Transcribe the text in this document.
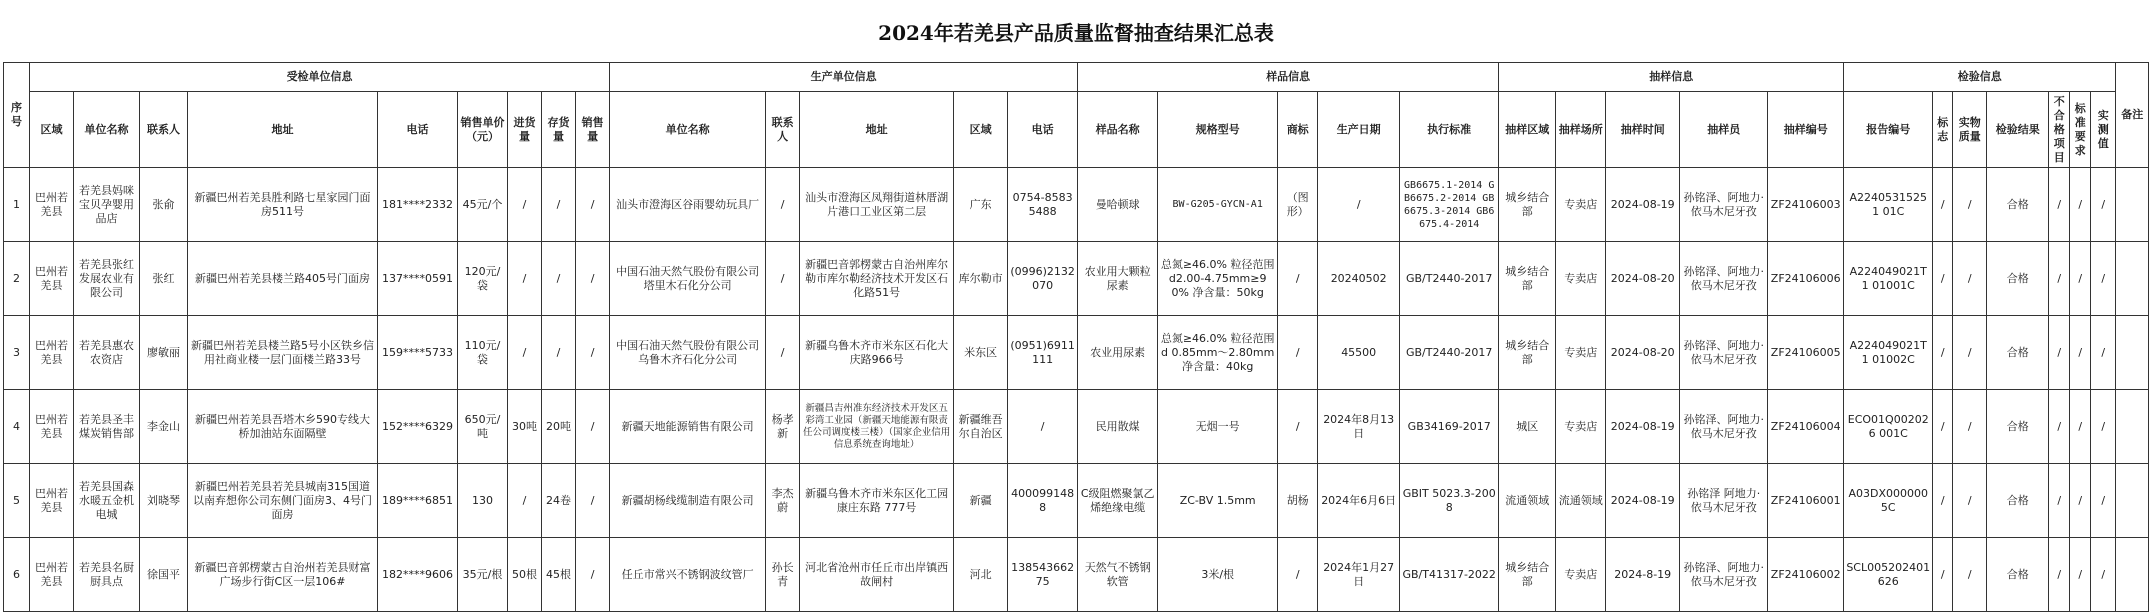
2024年若羌县产品质量监督抽查结果汇总表
序号	受检单位信息									生产单位信息					样品信息					抽样信息					检验信息							备注
	区域	单位名称	联系人	地址	电话	销售单价（元）	进货量	存货量	销售量	单位名称	联系人	地址	区域	电话	样品名称	规格型号	商标	生产日期	执行标准	抽样区域	抽样场所	抽样时间	抽样员	抽样编号	报告编号	标志	实物质量	检验结果	不合格项目	标准要求	实测值	
1	巴州若羌县	若羌县妈咪宝贝孕婴用品店	张俞	新疆巴州若羌县胜利路七星家园门面房511号	181****2332	45元/个	/	/	/	汕头市澄海区谷雨婴幼玩具厂	/	汕头市澄海区凤翔街道林厝湖片港口工业区第二层	广东	0754-85835488	曼哈顿球	BW-G205-GYCN-A1	（图形）	/	GB6675.1-2014 GB6675.2-2014 GB6675.3-2014 GB6675.4-2014	城乡结合部	专卖店	2024-08-19	孙铭泽、阿地力·依马木尼牙孜	ZF24106003	A22405315251 01C	/	/	合格	/	/	/	
2	巴州若羌县	若羌县张红发展农业有限公司	张红	新疆巴州若羌县楼兰路405号门面房	137****0591	120元/袋	/	/	/	中国石油天然气股份有限公司塔里木石化分公司	/	新疆巴音郭楞蒙古自治州库尔勒市库尔勒经济技术开发区石化路51号	库尔勒市	(0996)2132070	农业用大颗粒尿素	总氮≥46.0% 粒径范围 d2.00-4.75mm≥90% 净含量：50kg	/	20240502	GB/T2440-2017	城乡结合部	专卖店	2024-08-20	孙铭泽、阿地力·依马木尼牙孜	ZF24106006	A224049021T1 01001C	/	/	合格	/	/	/	
3	巴州若羌县	若羌县惠农农资店	廖敏丽	新疆巴州若羌县楼兰路5号小区铁乡信用社商业楼一层门面楼兰路33号	159****5733	110元/袋	/	/	/	中国石油天然气股份有限公司乌鲁木齐石化分公司	/	新疆乌鲁木齐市米东区石化大庆路966号	米东区	(0951)6911111	农业用尿素	总氮≥46.0% 粒径范围d 0.85mm～2.80mm 净含量：40kg	/	45500	GB/T2440-2017	城乡结合部	专卖店	2024-08-20	孙铭泽、阿地力·依马木尼牙孜	ZF24106005	A224049021T1 01002C	/	/	合格	/	/	/	
4	巴州若羌县	若羌县圣丰煤炭销售部	李金山	新疆巴州若羌县吾塔木乡590专线大桥加油站东面隔壁	152****6329	650元/吨	30吨	20吨	/	新疆天地能源销售有限公司	杨孝新	新疆昌吉州准东经济技术开发区五彩湾工业园（新疆天地能源有限责任公司调度楼三楼）（国家企业信用信息系统查询地址）	新疆维吾尔自治区	/	民用散煤	无烟一号	/	2024年8月13日	GB34169-2017	城区	专卖店	2024-08-19	孙铭泽、阿地力·依马木尼牙孜	ZF24106004	ECO01Q002026 001C	/	/	合格	/	/	/	
5	巴州若羌县	若羌县国森水暖五金机电城	刘晓琴	新疆巴州若羌县若羌县城南315国道以南弃想你公司东侧门面房3、4号门面房	189****6851	130	/	24卷	/	新疆胡杨线缆制造有限公司	李杰蔚	新疆乌鲁木齐市米东区化工园康庄东路 777号	新疆	4000991488	C级阻燃聚氯乙烯绝缘电缆	ZC-BV 1.5mm	胡杨	2024年6月6日	GBIT 5023.3-2008	流通领域	流通领域	2024-08-19	孙铭泽 阿地力·依马木尼牙孜	ZF24106001	A03DX0000005C	/	/	合格	/	/	/	
6	巴州若羌县	若羌县名厨厨具点	徐国平	新疆巴音郭楞蒙古自治州若羌县财富广场步行街C区一层106#	182****9606	35元/根	50根	45根	/	任丘市常兴不锈钢波纹管厂	孙长青	河北省沧州市任丘市出岸镇西故闸村	河北	13854366275	天然气不锈钢软管	3米/根	/	2024年1月27日	GB/T41317-2022	城乡结合部	专卖店	2024-8-19	孙铭泽、阿地力·依马木尼牙孜	ZF24106002	SCL005202401 626	/	/	合格	/	/	/	
